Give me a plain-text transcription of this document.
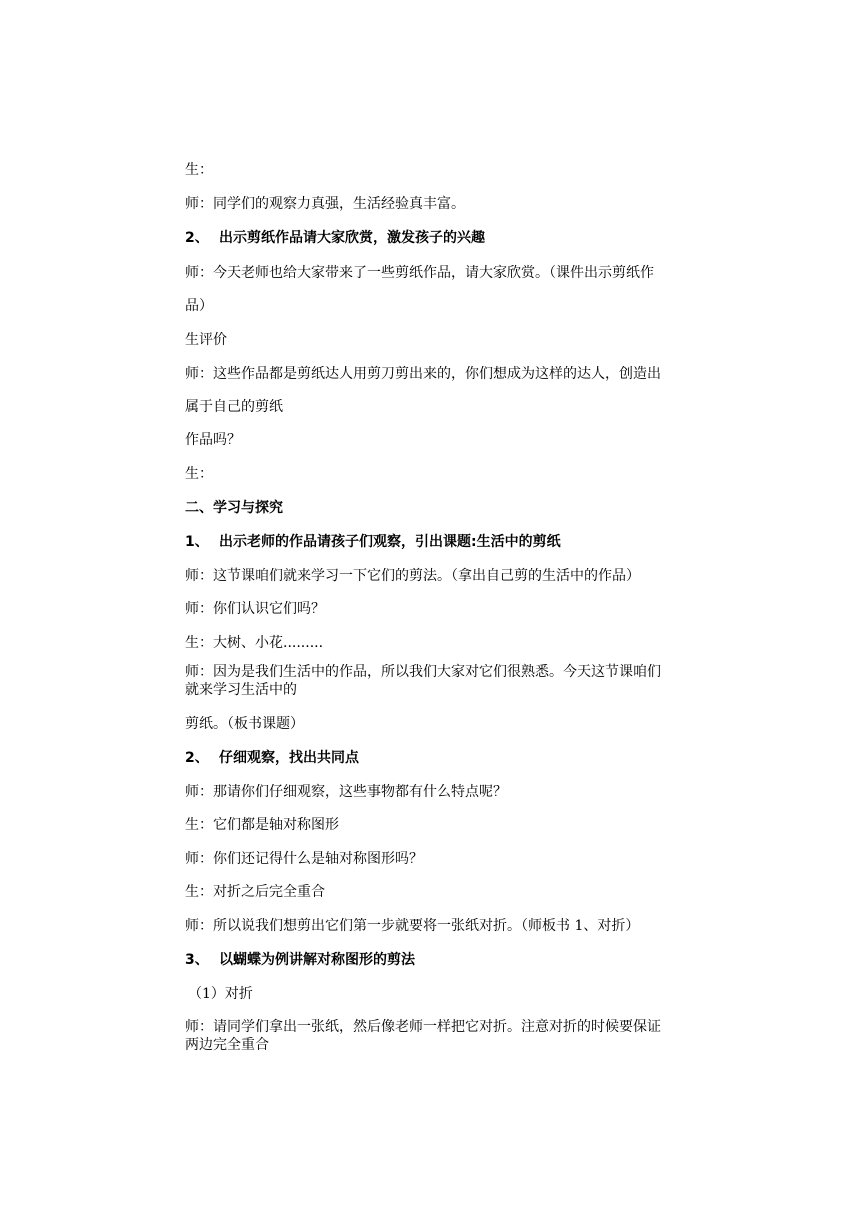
生：
师：同学们的观察力真强，生活经验真丰富。
2、 出示剪纸作品请大家欣赏，激发孩子的兴趣
师：今天老师也给大家带来了一些剪纸作品，请大家欣赏。（课件出示剪纸作
品）
生评价
师：这些作品都是剪纸达人用剪刀剪出来的，你们想成为这样的达人，创造出
属于自己的剪纸
作品吗？
生：
二、学习与探究
1、 出示老师的作品请孩子们观察，引出课题:生活中的剪纸
师：这节课咱们就来学习一下它们的剪法。（拿出自己剪的生活中的作品）
师：你们认识它们吗？
生：大树、小花.........
师：因为是我们生活中的作品，所以我们大家对它们很熟悉。今天这节课咱们
就来学习生活中的
剪纸。（板书课题）
2、 仔细观察，找出共同点
师：那请你们仔细观察，这些事物都有什么特点呢？
生：它们都是轴对称图形
师：你们还记得什么是轴对称图形吗？
生：对折之后完全重合
师：所以说我们想剪出它们第一步就要将一张纸对折。（师板书 1、对折）
3、 以蝴蝶为例讲解对称图形的剪法
（1）对折
师：请同学们拿出一张纸，然后像老师一样把它对折。注意对折的时候要保证
两边完全重合
